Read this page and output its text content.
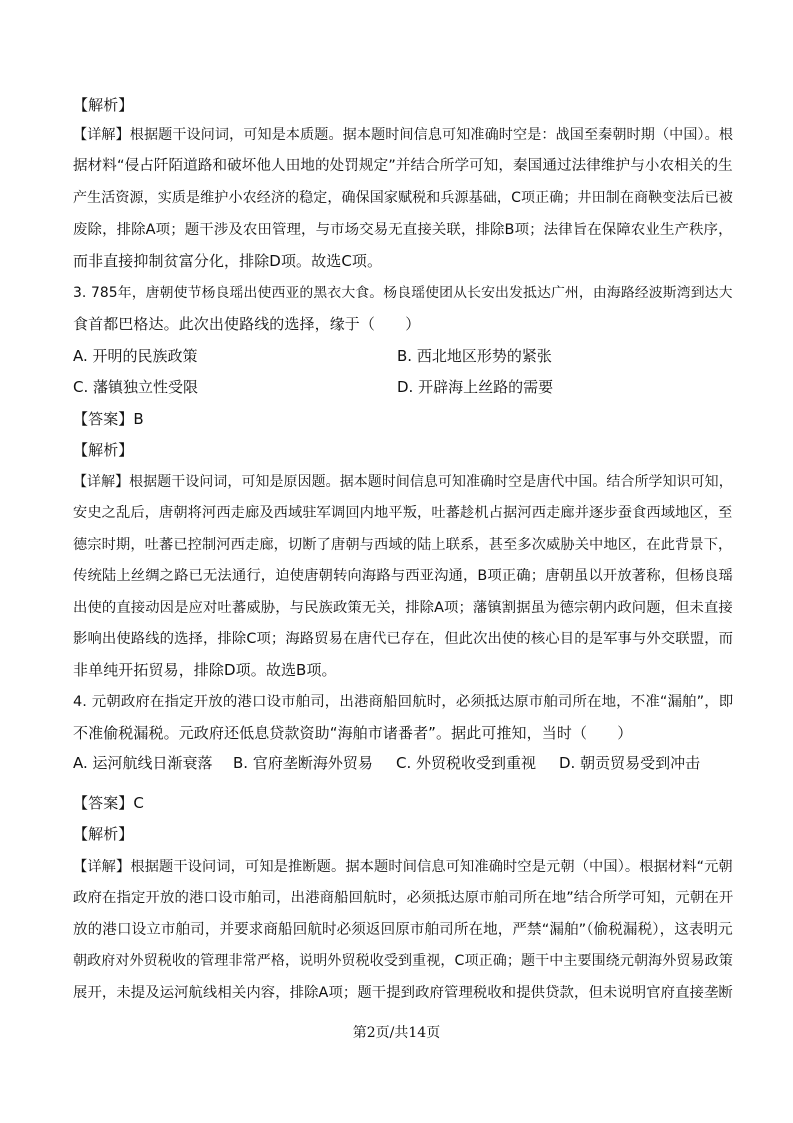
【解析】
【详解】根据题干设问词，可知是本质题。据本题时间信息可知准确时空是：战国至秦朝时期（中国）。根
据材料“侵占阡陌道路和破坏他人田地的处罚规定”并结合所学可知，秦国通过法律维护与小农相关的生
产生活资源，实质是维护小农经济的稳定，确保国家赋税和兵源基础，C项正确；井田制在商鞅变法后已被
废除，排除A项；题干涉及农田管理，与市场交易无直接关联，排除B项；法律旨在保障农业生产秩序，
而非直接抑制贫富分化，排除D项。故选C项。
3. 785年，唐朝使节杨良瑶出使西亚的黑衣大食。杨良瑶使团从长安出发抵达广州，由海路经波斯湾到达大
食首都巴格达。此次出使路线的选择，缘于（　　）
A. 开明的民族政策	B. 西北地区形势的紧张
C. 藩镇独立性受限	D. 开辟海上丝路的需要
【答案】B
【解析】
【详解】根据题干设问词，可知是原因题。据本题时间信息可知准确时空是唐代中国。结合所学知识可知，
安史之乱后，唐朝将河西走廊及西域驻军调回内地平叛，吐蕃趁机占据河西走廊并逐步蚕食西域地区，至
德宗时期，吐蕃已控制河西走廊，切断了唐朝与西域的陆上联系，甚至多次威胁关中地区，在此背景下，
传统陆上丝绸之路已无法通行，迫使唐朝转向海路与西亚沟通，B项正确；唐朝虽以开放著称，但杨良瑶
出使的直接动因是应对吐蕃威胁，与民族政策无关，排除A项；藩镇割据虽为德宗朝内政问题，但未直接
影响出使路线的选择，排除C项；海路贸易在唐代已存在，但此次出使的核心目的是军事与外交联盟，而
非单纯开拓贸易，排除D项。故选B项。
4. 元朝政府在指定开放的港口设市舶司，出港商船回航时，必须抵达原市舶司所在地，不准“漏舶”，即
不准偷税漏税。元政府还低息贷款资助“海舶市诸番者”。据此可推知，当时（　　）
A. 运河航线日渐衰落 B. 官府垄断海外贸易 C. 外贸税收受到重视 D. 朝贡贸易受到冲击
【答案】C
【解析】
【详解】根据题干设问词，可知是推断题。据本题时间信息可知准确时空是元朝（中国）。根据材料“元朝
政府在指定开放的港口设市舶司，出港商船回航时，必须抵达原市舶司所在地”结合所学可知，元朝在开
放的港口设立市舶司，并要求商船回航时必须返回原市舶司所在地，严禁“漏舶”（偷税漏税），这表明元
朝政府对外贸税收的管理非常严格，说明外贸税收受到重视，C项正确；题干中主要围绕元朝海外贸易政策
展开，未提及运河航线相关内容，排除A项；题干提到政府管理税收和提供贷款，但未说明官府直接垄断
第2页/共14页
